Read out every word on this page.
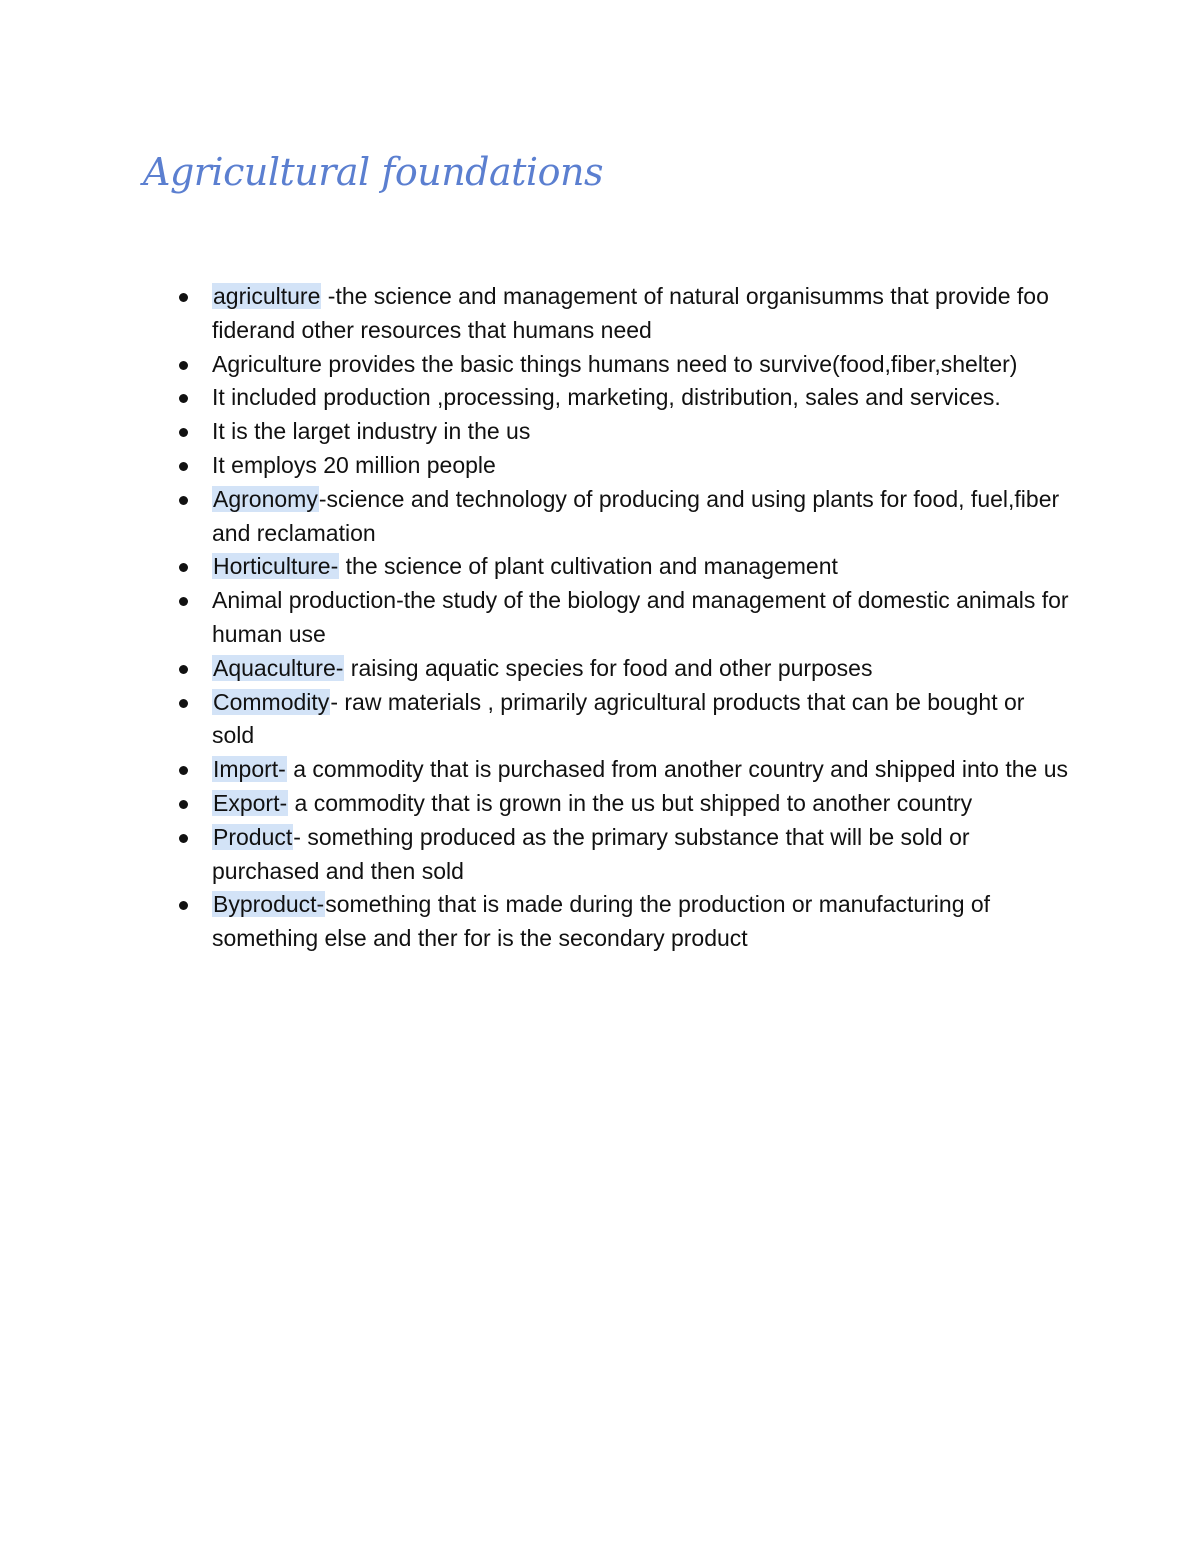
Agricultural foundations
agriculture -the science and management of natural organisumms that provide foo fiderand other resources that humans need
Agriculture provides the basic things humans need to survive(food,fiber,shelter)
It included production ,processing, marketing, distribution, sales and services.
It is the larget industry in the us
It employs 20 million people
Agronomy-science and technology of producing and using plants for food, fuel,fiber and reclamation
Horticulture- the science of plant cultivation and management
Animal production-the study of the biology and management of domestic animals for human use
Aquaculture- raising aquatic species for food and other purposes
Commodity- raw materials , primarily agricultural products that can be bought or sold
Import- a commodity that is purchased from another country and shipped into the us
Export- a commodity that is grown in the us but shipped to another country
Product- something produced as the primary substance that will be sold or purchased and then sold
Byproduct-something that is made during the production or manufacturing of something else and ther for is the secondary product
